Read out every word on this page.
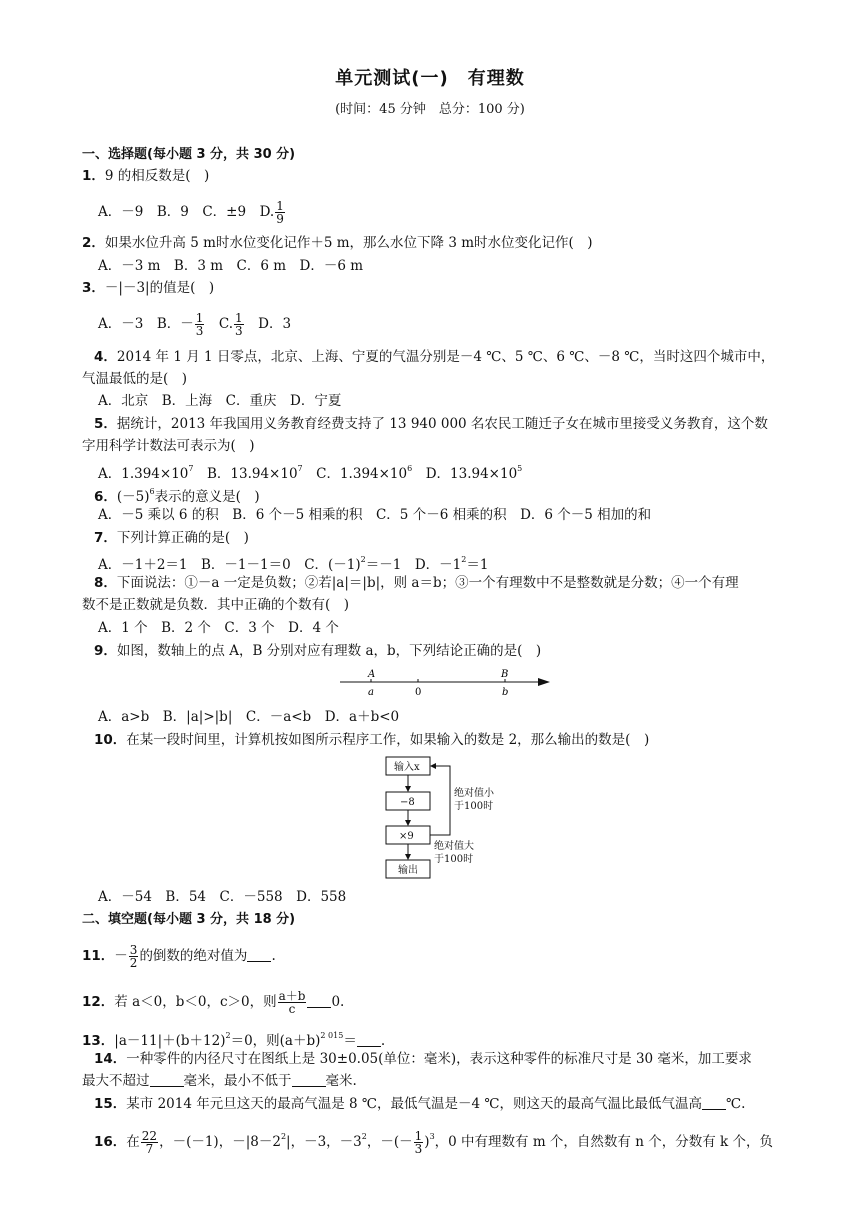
单元测试(一)　有理数
(时间：45 分钟　总分：100 分)
一、选择题(每小题 3 分，共 30 分)
1．9 的相反数是(　)
A．－9　B．9　C．±9　D. $\frac{1}{9}$
2．如果水位升高 5 m时水位变化记作＋5 m，那么水位下降 3 m时水位变化记作(　)
A．－3 m　B．3 m　C．6 m　D．－6 m
3．－|－3|的值是(　)
A．－3　B．－ $\frac{1}{3}$ 　C. $\frac{1}{3}$ 　D．3
4．2014 年 1 月 1 日零点，北京、上海、宁夏的气温分别是－4 ℃、5 ℃、6 ℃、－8 ℃，当时这四个城市中，
气温最低的是(　)
A．北京　B．上海　C．重庆　D．宁夏
5．据统计，2013 年我国用义务教育经费支持了 13 940 000 名农民工随迁子女在城市里接受义务教育，这个数
字用科学计数法可表示为(　)
A．$1.394\times 10^7$　B．$13.94\times 10^7$　C．$1.394\times 10^6$　D．$13.94\times 10^5$
6．$(-5)^6$表示的意义是(　)
A．－5 乘以 6 的积　B．6 个－5 相乘的积　C．5 个－6 相乘的积　D．6 个－5 相加的和
7．下列计算正确的是(　)
A．－1＋2＝1　B．－1－1＝0　C．$(-1)^2=-1$　D．$-1^2=1$
8．下面说法：①－a 一定是负数；②若|a|＝|b|，则 a＝b；③一个有理数中不是整数就是分数；④一个有理
数不是正数就是负数．其中正确的个数有(　)
A．1 个　B．2 个　C．3 个　D．4 个
9．如图，数轴上的点 A，B 分别对应有理数 a，b，下列结论正确的是(　)
A
a	0
B
b
A．a>b　B．|a|>|b|　C．－a<b　D．a＋b<0
10．在某一段时间里，计算机按如图所示程序工作，如果输入的数是 2，那么输出的数是(　)
输入x
−8
×9
输出
绝对值小
于100时
绝对值大
于100时
A．－54　B．54　C．－558　D．558
二、填空题(每小题 3 分，共 18 分)
11．－ $\frac{3}{2}$ 的倒数的绝对值为 .
12．若 a＜0，b＜0，c＞0，则 $\frac{a+b}{c} 0$.
13．$|a-11|+(b+12)^2=0$，则$(a+b)^{2 015}=$ .
14．一种零件的内径尺寸在图纸上是 30±0.05(单位：毫米)，表示这种零件的标准尺寸是 30 毫米，加工要求
最大不超过	毫米，最小不低于	毫米.
15．某市 2014 年元旦这天的最高气温是 8 ℃，最低气温是－4 ℃，则这天的最高气温比最低气温高 ℃.
16．在 $\frac{22}{7}$ ，－(－1)，$-|8-2^2|$，－3，$-3^2$，－(－ $\frac{1}{3} )^3$，0 中有理数有 m 个，自然数有 n 个，分数有 k 个，负
